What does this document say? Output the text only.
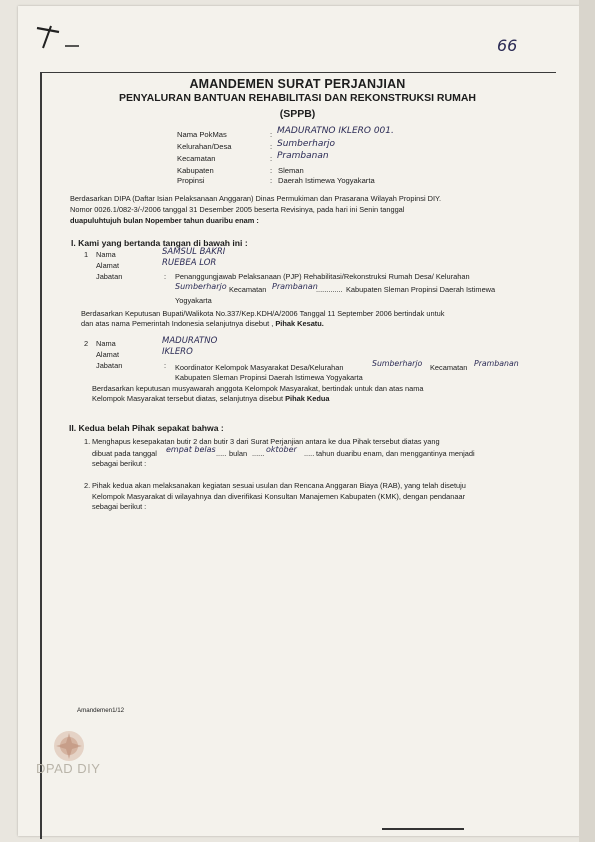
66
AMANDEMEN SURAT PERJANJIAN
PENYALURAN BANTUAN REHABILITASI DAN REKONSTRUKSI RUMAH
(SPPB)
Nama PokMas	: MADURATNO IKLERO 001.
Kelurahan/Desa	: Sumberharjo
Kecamatan	: Prambanan
Kabupaten	: Sleman
Propinsi	: Daerah Istimewa Yogyakarta
Berdasarkan DIPA (Daftar Isian Pelaksanaan Anggaran) Dinas Permukiman dan Prasarana Wilayah Propinsi DIY.
Nomor 0026.1/082-3/-/2006 tanggal 31 Desember 2005 beserta Revisinya, pada hari ini Senin tanggal
duapuluhtujuh bulan Nopember tahun duaribu enam :
I. Kami yang bertanda tangan di bawah ini :
1 Nama	SAMSUL BAKRI
Alamat	RUEBEA LOR
Jabatan	: Penanggungjawab Pelaksanaan (PJP) Rehabilitasi/Rekonstruksi Rumah Desa/ Kelurahan
Sumberharjo Kecamatan Prambanan
............. Kabupaten Sleman Propinsi Daerah Istimewa
Yogyakarta
Berdasarkan Keputusan Bupati/Walikota No.337/Kep.KDH/A/2006 Tanggal 11 September 2006 bertindak untuk
dan atas nama Pemerintah Indonesia selanjutnya disebut , Pihak Kesatu.
2 Nama	MADURATNO
Alamat	IKLERO
Jabatan	: Koordinator Kelompok Masyarakat Desa/Kelurahan	Sumberharjo Kecamatan Prambanan
Kabupaten Sleman Propinsi Daerah Istimewa Yogyakarta
Berdasarkan keputusan musyawarah anggota Kelompok Masyarakat, bertindak untuk dan atas nama
Kelompok Masyarakat tersebut diatas, selanjutnya disebut Pihak Kedua
II. Kedua belah Pihak sepakat bahwa :
1. Menghapus kesepakatan butir 2 dan butir 3 dari Surat Perjanjian antara ke dua Pihak tersebut diatas yang
dibuat pada tanggal empat belas ..... bulan ...... oktober ..... tahun duaribu enam, dan menggantinya menjadi
sebagai berikut :
2. Pihak kedua akan melaksanakan kegiatan sesuai usulan dan Rencana Anggaran Biaya (RAB), yang telah disetuju
Kelompok Masyarakat di wilayahnya dan diverifikasi Konsultan Manajemen Kabupaten (KMK), dengan pendanaar
sebagai berikut :
Amandemen1/12
DPAD DIY
